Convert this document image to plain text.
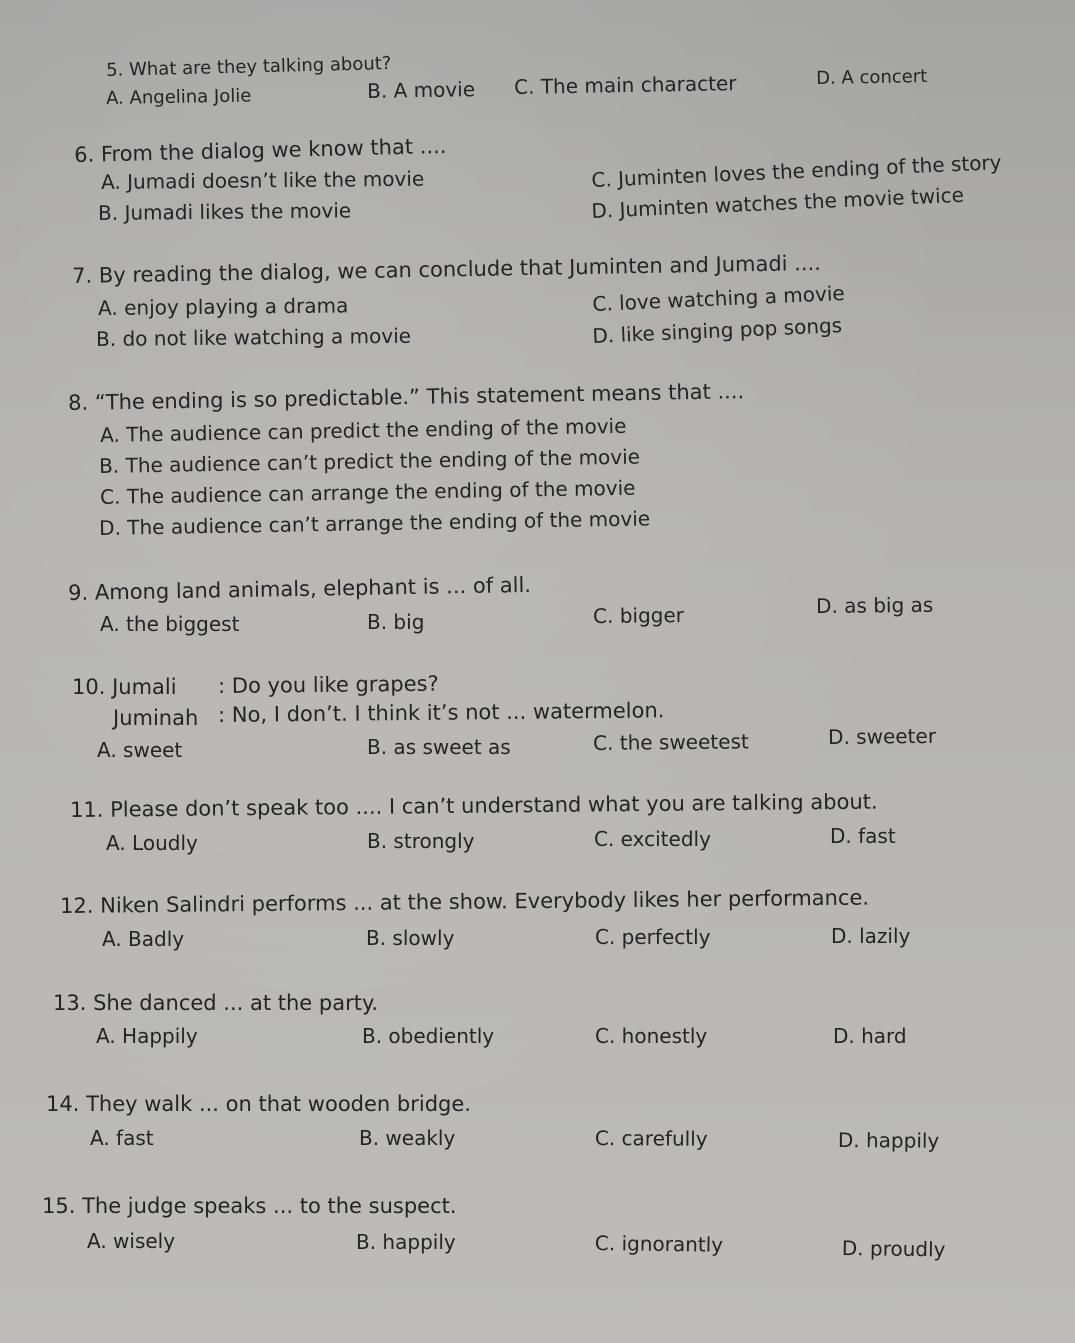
5. What are they talking about?
A. Angelina Jolie	B. A movie C. The main character	D. A concert
6. From the dialog we know that ....
A. Jumadi doesn’t like the movie
B. Jumadi likes the movie
C. Juminten loves the ending of the story
D. Juminten watches the movie twice
7. By reading the dialog, we can conclude that Juminten and Jumadi ....
A. enjoy playing a drama
B. do not like watching a movie
C. love watching a movie
D. like singing pop songs
8. “The ending is so predictable.” This statement means that ....
A. The audience can predict the ending of the movie
B. The audience can’t predict the ending of the movie
C. The audience can arrange the ending of the movie
D. The audience can’t arrange the ending of the movie
9. Among land animals, elephant is ... of all.
A. the biggest	B. big	C. bigger	D. as big as
10. Jumali : Do you like grapes?
Juminah : No, I don’t. I think it’s not ... watermelon.
A. sweet	B. as sweet as	C. the sweetest	D. sweeter
11. Please don’t speak too .... I can’t understand what you are talking about.
A. Loudly	B. strongly	C. excitedly	D. fast
12. Niken Salindri performs ... at the show. Everybody likes her performance.
A. Badly	B. slowly	C. perfectly	D. lazily
13. She danced ... at the party.
A. Happily	B. obediently	C. honestly	D. hard
14. They walk ... on that wooden bridge.
A. fast	B. weakly	C. carefully	D. happily
15. The judge speaks ... to the suspect.
A. wisely	B. happily	C. ignorantly	D. proudly
